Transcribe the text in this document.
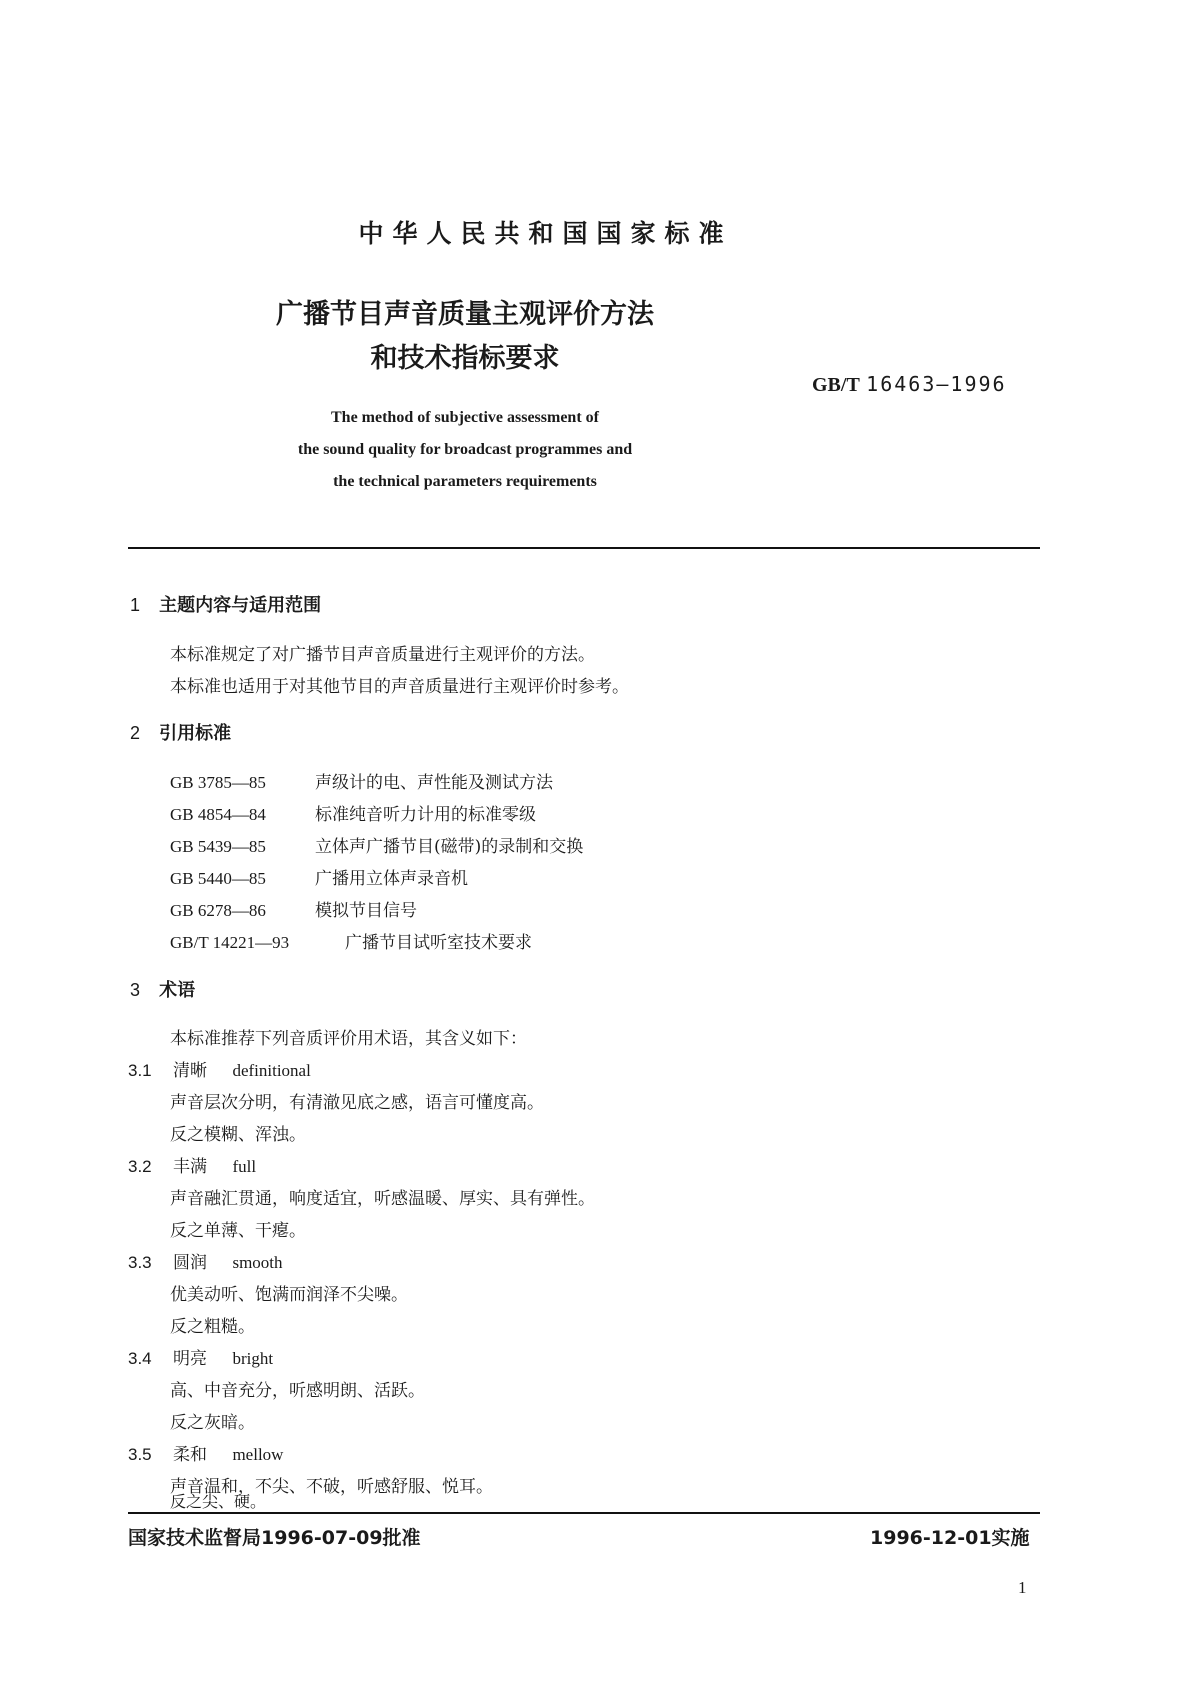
中华人民共和国国家标准
广播节目声音质量主观评价方法
和技术指标要求
GB/T 16463—1996
The method of subjective assessment of
the sound quality for broadcast programmes and
the technical parameters requirements
1 主题内容与适用范围
本标准规定了对广播节目声音质量进行主观评价的方法。
本标准也适用于对其他节目的声音质量进行主观评价时参考。
2 引用标准
GB 3785—85	声级计的电、声性能及测试方法
GB 4854—84	标准纯音听力计用的标准零级
GB 5439—85	立体声广播节目(磁带)的录制和交换
GB 5440—85	广播用立体声录音机
GB 6278—86	模拟节目信号
GB/T 14221—93	广播节目试听室技术要求
3 术语
本标准推荐下列音质评价用术语，其含义如下：
3.1 清晰 definitional
声音层次分明，有清澈见底之感，语言可懂度高。
反之模糊、浑浊。
3.2 丰满 full
声音融汇贯通，响度适宜，听感温暖、厚实、具有弹性。
反之单薄、干瘪。
3.3 圆润 smooth
优美动听、饱满而润泽不尖噪。
反之粗糙。
3.4 明亮 bright
高、中音充分，听感明朗、活跃。
反之灰暗。
3.5 柔和 mellow
声音温和，不尖、不破，听感舒服、悦耳。
反之尖、硬。
国家技术监督局1996-07-09批准	1996-12-01实施
1
